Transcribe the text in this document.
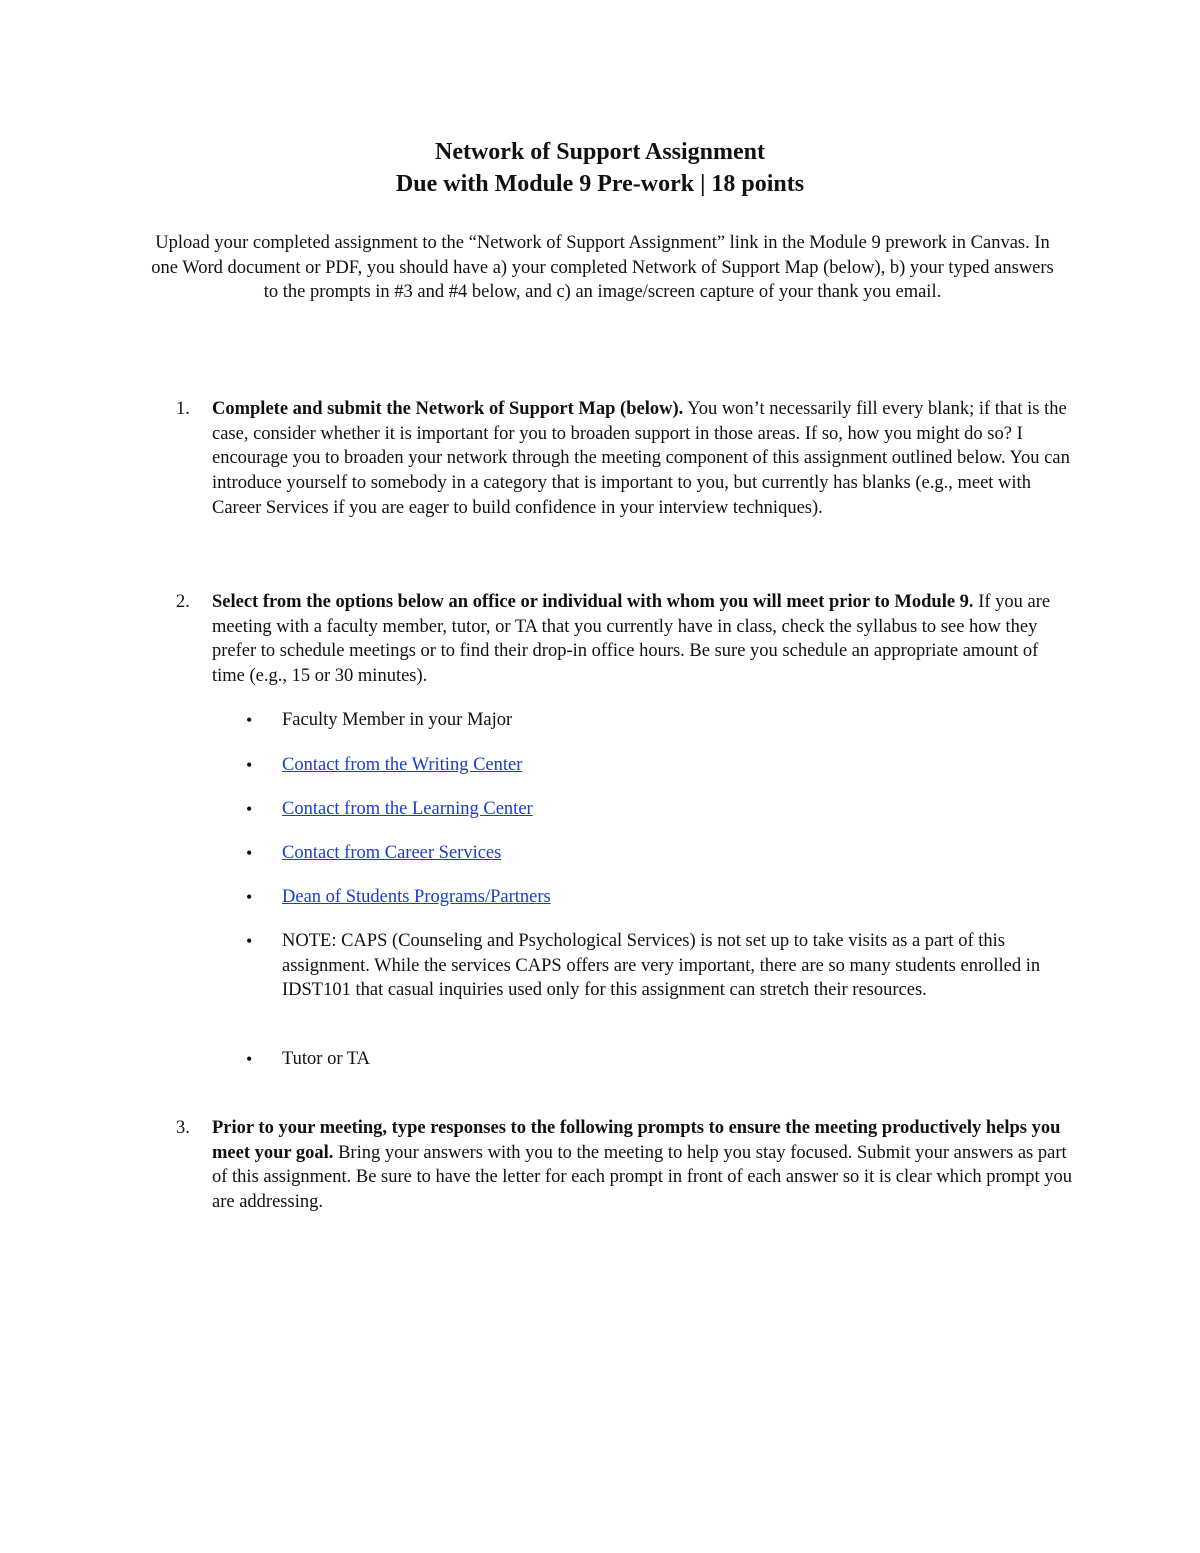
Network of Support Assignment
Due with Module 9 Pre-work | 18 points

Upload your completed assignment to the “Network of Support Assignment” link in the Module 9 prework in Canvas. In one Word document or PDF, you should have a) your completed Network of Support Map (below), b) your typed answers to the prompts in #3 and #4 below, and c) an image/screen capture of your thank you email.

1. Complete and submit the Network of Support Map (below). You won’t necessarily fill every blank; if that is the case, consider whether it is important for you to broaden support in those areas. If so, how you might do so? I encourage you to broaden your network through the meeting component of this assignment outlined below. You can introduce yourself to somebody in a category that is important to you, but currently has blanks (e.g., meet with Career Services if you are eager to build confidence in your interview techniques).

2. Select from the options below an office or individual with whom you will meet prior to Module 9. If you are meeting with a faculty member, tutor, or TA that you currently have in class, check the syllabus to see how they prefer to schedule meetings or to find their drop-in office hours. Be sure you schedule an appropriate amount of time (e.g., 15 or 30 minutes).

• Faculty Member in your Major

• Contact from the Writing Center

• Contact from the Learning Center

• Contact from Career Services

• Dean of Students Programs/Partners

• NOTE: CAPS (Counseling and Psychological Services) is not set up to take visits as a part of this assignment. While the services CAPS offers are very important, there are so many students enrolled in IDST101 that casual inquiries used only for this assignment can stretch their resources.

• Tutor or TA

3. Prior to your meeting, type responses to the following prompts to ensure the meeting productively helps you meet your goal. Bring your answers with you to the meeting to help you stay focused. Submit your answers as part of this assignment. Be sure to have the letter for each prompt in front of each answer so it is clear which prompt you are addressing.
